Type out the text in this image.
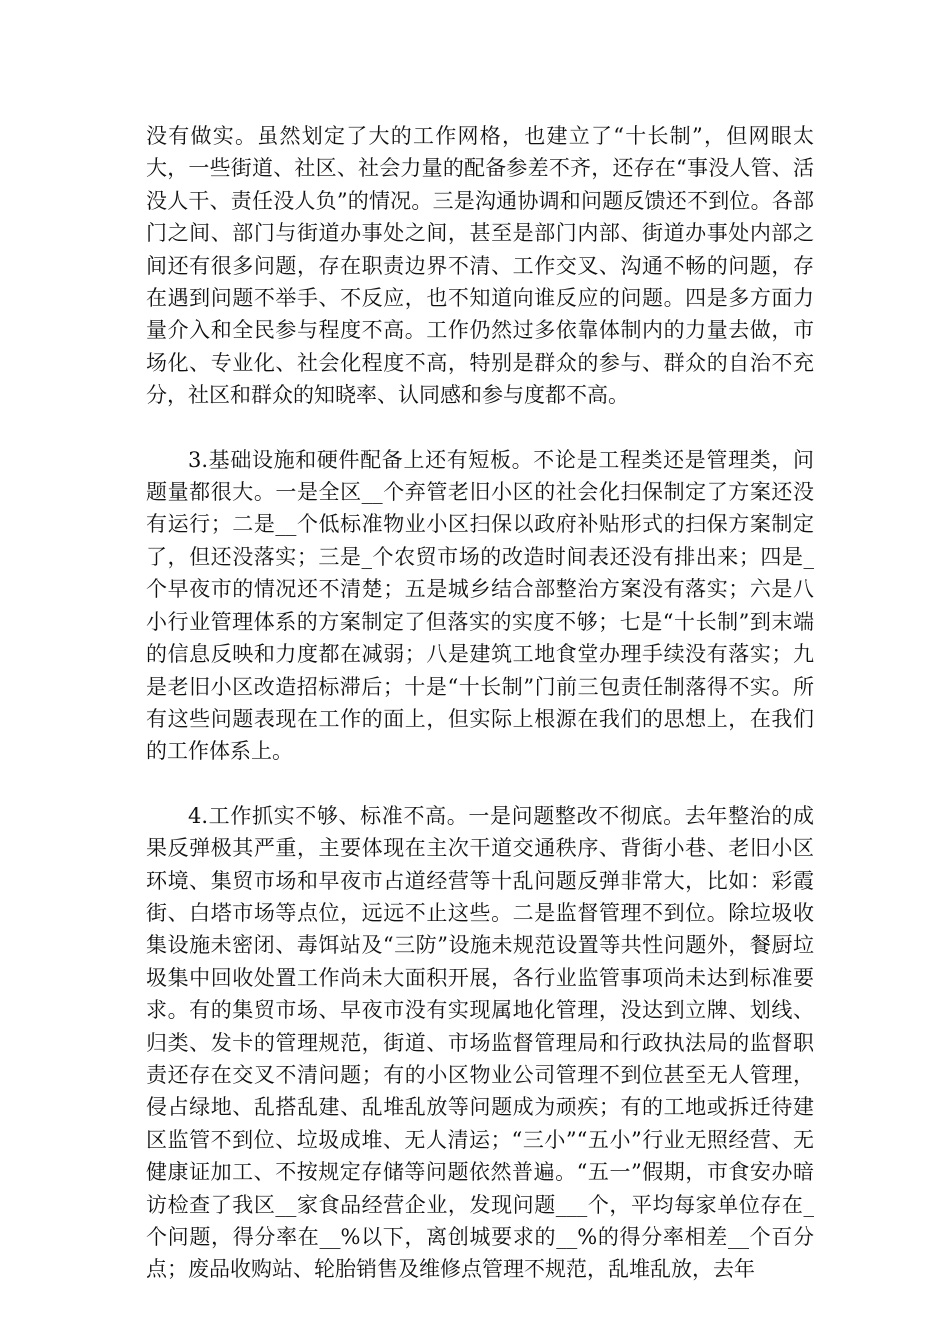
没有做实。虽然划定了大的工作网格，也建立了“十长制”，但网眼太大，一些街道、社区、社会力量的配备参差不齐，还存在“事没人管、活没人干、责任没人负”的情况。三是沟通协调和问题反馈还不到位。各部门之间、部门与街道办事处之间，甚至是部门内部、街道办事处内部之间还有很多问题，存在职责边界不清、工作交叉、沟通不畅的问题，存在遇到问题不举手、不反应，也不知道向谁反应的问题。四是多方面力量介入和全民参与程度不高。工作仍然过多依靠体制内的力量去做，市场化、专业化、社会化程度不高，特别是群众的参与、群众的自治不充分，社区和群众的知晓率、认同感和参与度都不高。

3.基础设施和硬件配备上还有短板。不论是工程类还是管理类，问题量都很大。一是全区__个弃管老旧小区的社会化扫保制定了方案还没有运行；二是__个低标准物业小区扫保以政府补贴形式的扫保方案制定了，但还没落实；三是_个农贸市场的改造时间表还没有排出来；四是_个早夜市的情况还不清楚；五是城乡结合部整治方案没有落实；六是八小行业管理体系的方案制定了但落实的实度不够；七是“十长制”到末端的信息反映和力度都在减弱；八是建筑工地食堂办理手续没有落实；九是老旧小区改造招标滞后；十是“十长制”门前三包责任制落得不实。所有这些问题表现在工作的面上，但实际上根源在我们的思想上，在我们的工作体系上。

4.工作抓实不够、标准不高。一是问题整改不彻底。去年整治的成果反弹极其严重，主要体现在主次干道交通秩序、背街小巷、老旧小区环境、集贸市场和早夜市占道经营等十乱问题反弹非常大，比如：彩霞街、白塔市场等点位，远远不止这些。二是监督管理不到位。除垃圾收集设施未密闭、毒饵站及“三防”设施未规范设置等共性问题外，餐厨垃圾集中回收处置工作尚未大面积开展，各行业监管事项尚未达到标准要求。有的集贸市场、早夜市没有实现属地化管理，没达到立牌、划线、归类、发卡的管理规范，街道、市场监督管理局和行政执法局的监督职责还存在交叉不清问题；有的小区物业公司管理不到位甚至无人管理，侵占绿地、乱搭乱建、乱堆乱放等问题成为顽疾；有的工地或拆迁待建区监管不到位、垃圾成堆、无人清运；“三小”“五小”行业无照经营、无健康证加工、不按规定存储等问题依然普遍。“五一”假期，市食安办暗访检查了我区__家食品经营企业，发现问题___个，平均每家单位存在_个问题，得分率在__%以下，离创城要求的__%的得分率相差__个百分点；废品收购站、轮胎销售及维修点管理不规范，乱堆乱放，去年
